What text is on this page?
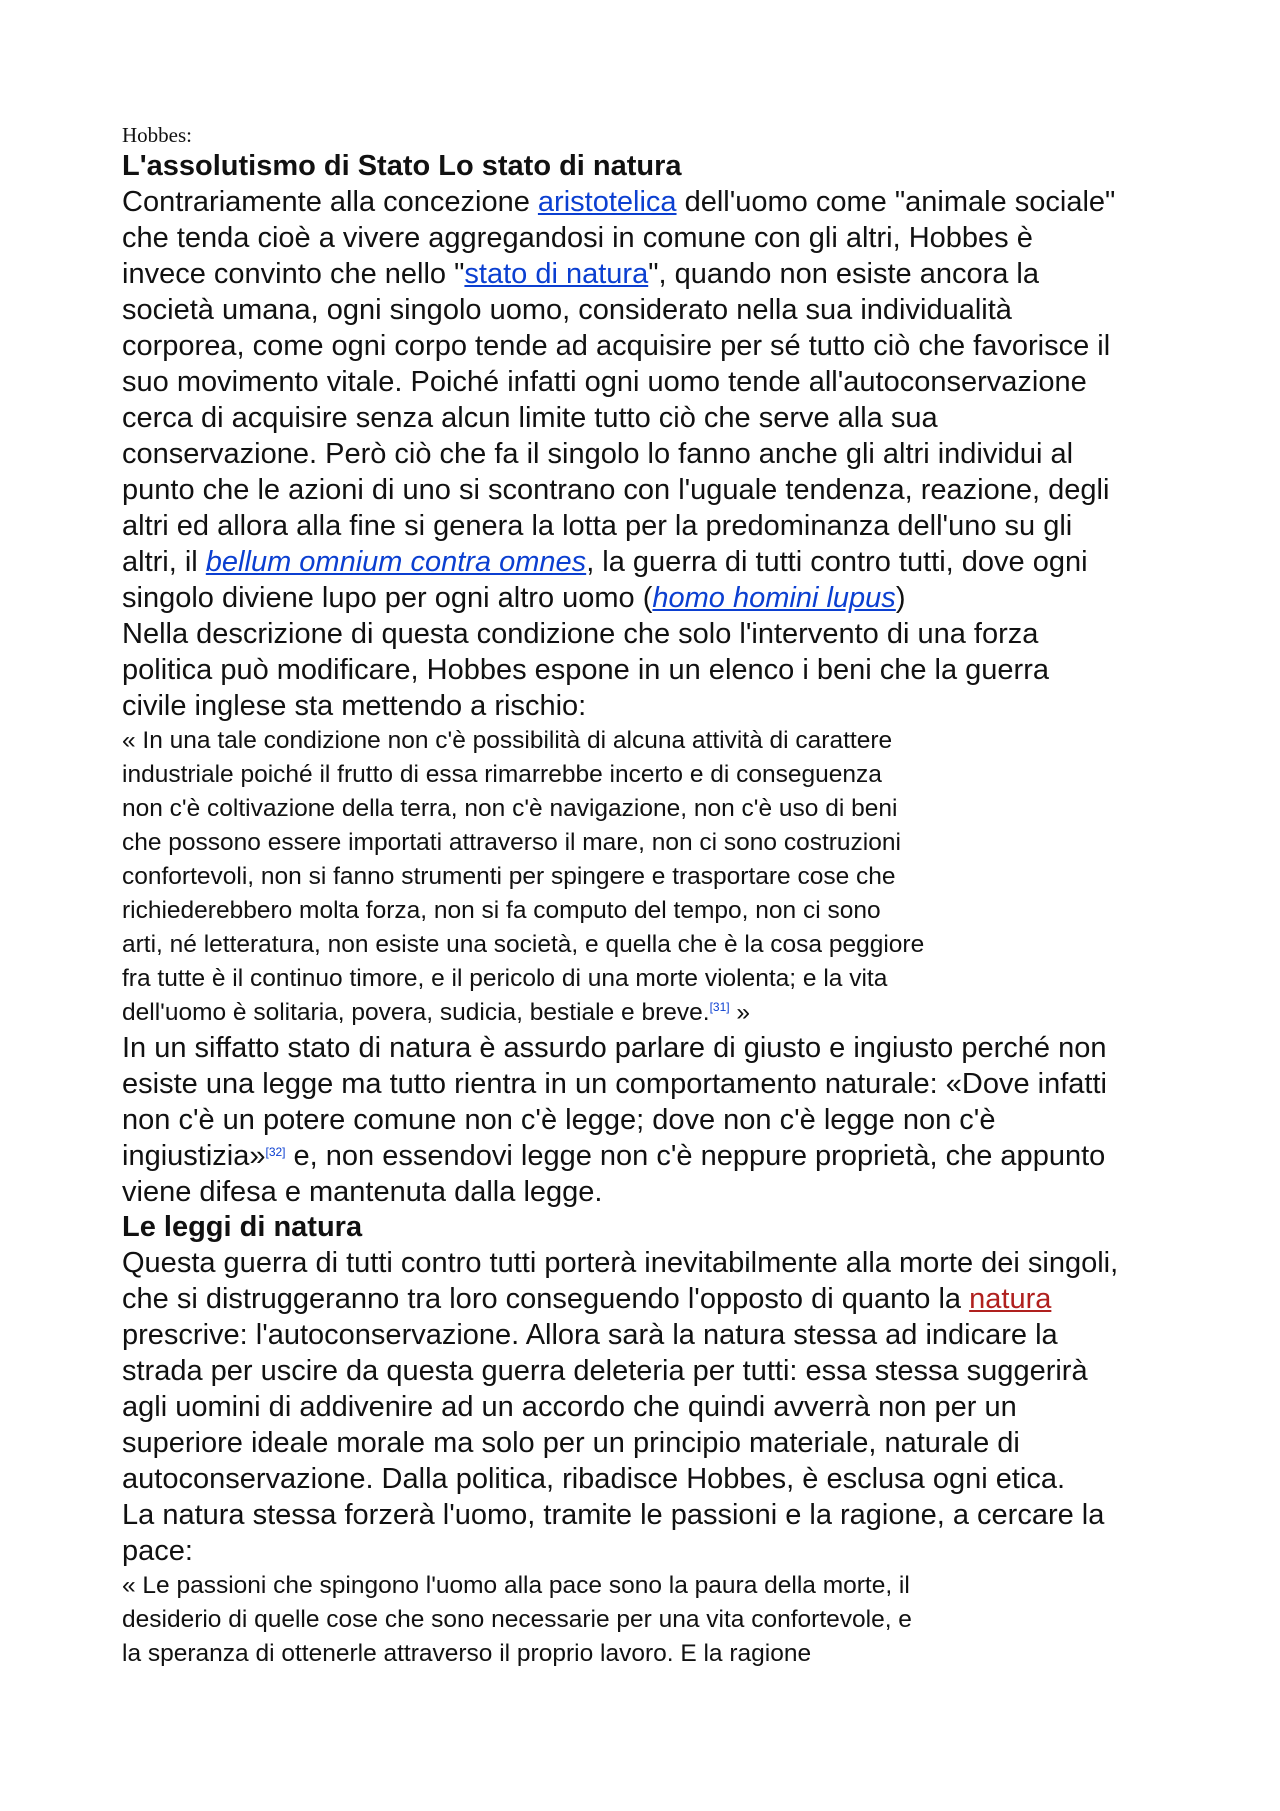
Hobbes:
L'assolutismo di Stato Lo stato di natura
Contrariamente alla concezione aristotelica dell'uomo come "animale sociale"
che tenda cioè a vivere aggregandosi in comune con gli altri, Hobbes è
invece convinto che nello "stato di natura", quando non esiste ancora la
società umana, ogni singolo uomo, considerato nella sua individualità
corporea, come ogni corpo tende ad acquisire per sé tutto ciò che favorisce il
suo movimento vitale. Poiché infatti ogni uomo tende all'autoconservazione
cerca di acquisire senza alcun limite tutto ciò che serve alla sua
conservazione. Però ciò che fa il singolo lo fanno anche gli altri individui al
punto che le azioni di uno si scontrano con l'uguale tendenza, reazione, degli
altri ed allora alla fine si genera la lotta per la predominanza dell'uno su gli
altri, il bellum omnium contra omnes, la guerra di tutti contro tutti, dove ogni
singolo diviene lupo per ogni altro uomo (homo homini lupus)
Nella descrizione di questa condizione che solo l'intervento di una forza
politica può modificare, Hobbes espone in un elenco i beni che la guerra
civile inglese sta mettendo a rischio:
« In una tale condizione non c'è possibilità di alcuna attività di carattere
industriale poiché il frutto di essa rimarrebbe incerto e di conseguenza
non c'è coltivazione della terra, non c'è navigazione, non c'è uso di beni
che possono essere importati attraverso il mare, non ci sono costruzioni
confortevoli, non si fanno strumenti per spingere e trasportare cose che
richiederebbero molta forza, non si fa computo del tempo, non ci sono
arti, né letteratura, non esiste una società, e quella che è la cosa peggiore
fra tutte è il continuo timore, e il pericolo di una morte violenta; e la vita
dell'uomo è solitaria, povera, sudicia, bestiale e breve.[31] »
In un siffatto stato di natura è assurdo parlare di giusto e ingiusto perché non
esiste una legge ma tutto rientra in un comportamento naturale: «Dove infatti
non c'è un potere comune non c'è legge; dove non c'è legge non c'è
ingiustizia»[32] e, non essendovi legge non c'è neppure proprietà, che appunto
viene difesa e mantenuta dalla legge.
Le leggi di natura
Questa guerra di tutti contro tutti porterà inevitabilmente alla morte dei singoli,
che si distruggeranno tra loro conseguendo l'opposto di quanto la natura
prescrive: l'autoconservazione. Allora sarà la natura stessa ad indicare la
strada per uscire da questa guerra deleteria per tutti: essa stessa suggerirà
agli uomini di addivenire ad un accordo che quindi avverrà non per un
superiore ideale morale ma solo per un principio materiale, naturale di
autoconservazione. Dalla politica, ribadisce Hobbes, è esclusa ogni etica.
La natura stessa forzerà l'uomo, tramite le passioni e la ragione, a cercare la
pace:
« Le passioni che spingono l'uomo alla pace sono la paura della morte, il
desiderio di quelle cose che sono necessarie per una vita confortevole, e
la speranza di ottenerle attraverso il proprio lavoro. E la ragione
